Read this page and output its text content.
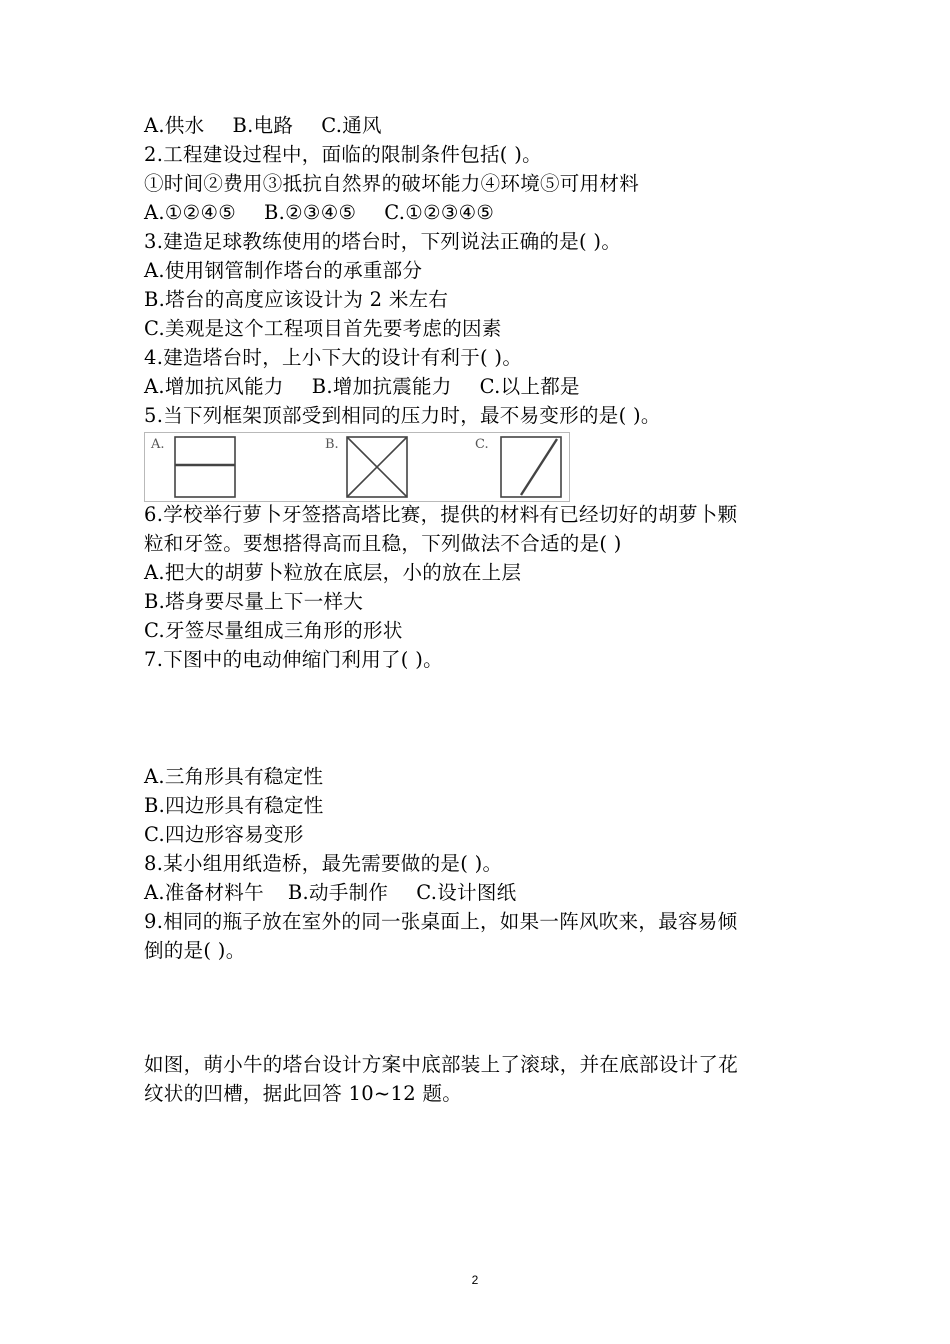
A.供水 B.电路 C.通风
2.工程建设过程中，面临的限制条件包括( )。
①时间②费用③抵抗自然界的破坏能力④环境⑤可用材料
A.①②④⑤ B.②③④⑤ C.①②③④⑤
3.建造足球教练使用的塔台时，下列说法正确的是( )。
A.使用钢管制作塔台的承重部分
B.塔台的高度应该设计为 2 米左右
C.美观是这个工程项目首先要考虑的因素
4.建造塔台时，上小下大的设计有利于( )。
A.增加抗风能力 B.增加抗震能力 C.以上都是
5.当下列框架顶部受到相同的压力时，最不易变形的是( )。
A.	B.	C.
6.学校举行萝卜牙签搭高塔比赛，提供的材料有已经切好的胡萝卜颗
粒和牙签。要想搭得高而且稳，下列做法不合适的是( )
A.把大的胡萝卜粒放在底层，小的放在上层
B.塔身要尽量上下一样大
C.牙签尽量组成三角形的形状
7.下图中的电动伸缩门利用了( )。
A.三角形具有稳定性
B.四边形具有稳定性
C.四边形容易变形
8.某小组用纸造桥，最先需要做的是( )。
A.准备材料午 B.动手制作 C.设计图纸
9.相同的瓶子放在室外的同一张桌面上，如果一阵风吹来，最容易倾
倒的是( )。
如图，萌小牛的塔台设计方案中底部装上了滚球，并在底部设计了花
纹状的凹槽，据此回答 10~12 题。
2
